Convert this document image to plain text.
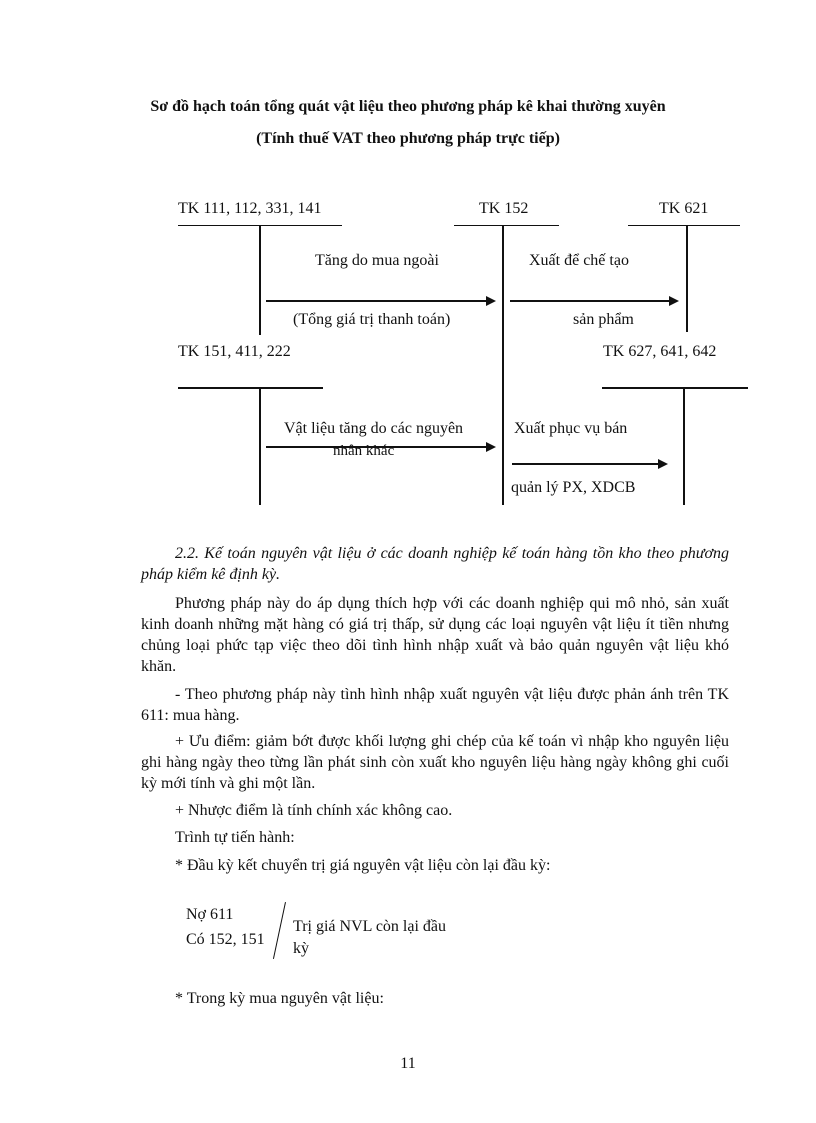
Sơ đồ hạch toán tổng quát vật liệu theo phương pháp kê khai thường xuyên
(Tính thuế VAT theo phương pháp trực tiếp)
TK 111, 112, 331, 141	TK 152	TK 621
Tăng do mua ngoài
(Tổng giá trị thanh toán)
Xuất để chế tạo
sản phẩm
TK 151, 411, 222	TK 627, 641, 642
Vật liệu tăng do các nguyên
nhân khác
Xuất phục vụ bán
quản lý PX, XDCB
2.2. Kế toán nguyên vật liệu ở các doanh nghiệp kế toán hàng tồn kho theo phương pháp kiểm kê định kỳ.
Phương pháp này do áp dụng thích hợp với các doanh nghiệp qui mô nhỏ, sản xuất kinh doanh những mặt hàng có giá trị thấp, sử dụng các loại nguyên vật liệu ít tiền nhưng chủng loại phức tạp việc theo dõi tình hình nhập xuất và bảo quản nguyên vật liệu khó khăn.
- Theo phương pháp này tình hình nhập xuất nguyên vật liệu được phản ánh trên TK 611: mua hàng.
+ Ưu điểm: giảm bớt được khối lượng ghi chép của kế toán vì nhập kho nguyên liệu ghi hàng ngày theo từng lần phát sinh còn xuất kho nguyên liệu hàng ngày không ghi cuối kỳ mới tính và ghi một lần.
+ Nhược điểm là tính chính xác không cao.
Trình tự tiến hành:
* Đầu kỳ kết chuyển trị giá nguyên vật liệu còn lại đầu kỳ:
Nợ 611
Có 152, 151
Trị giá NVL còn lại đầu
kỳ
* Trong kỳ mua nguyên vật liệu:
11
